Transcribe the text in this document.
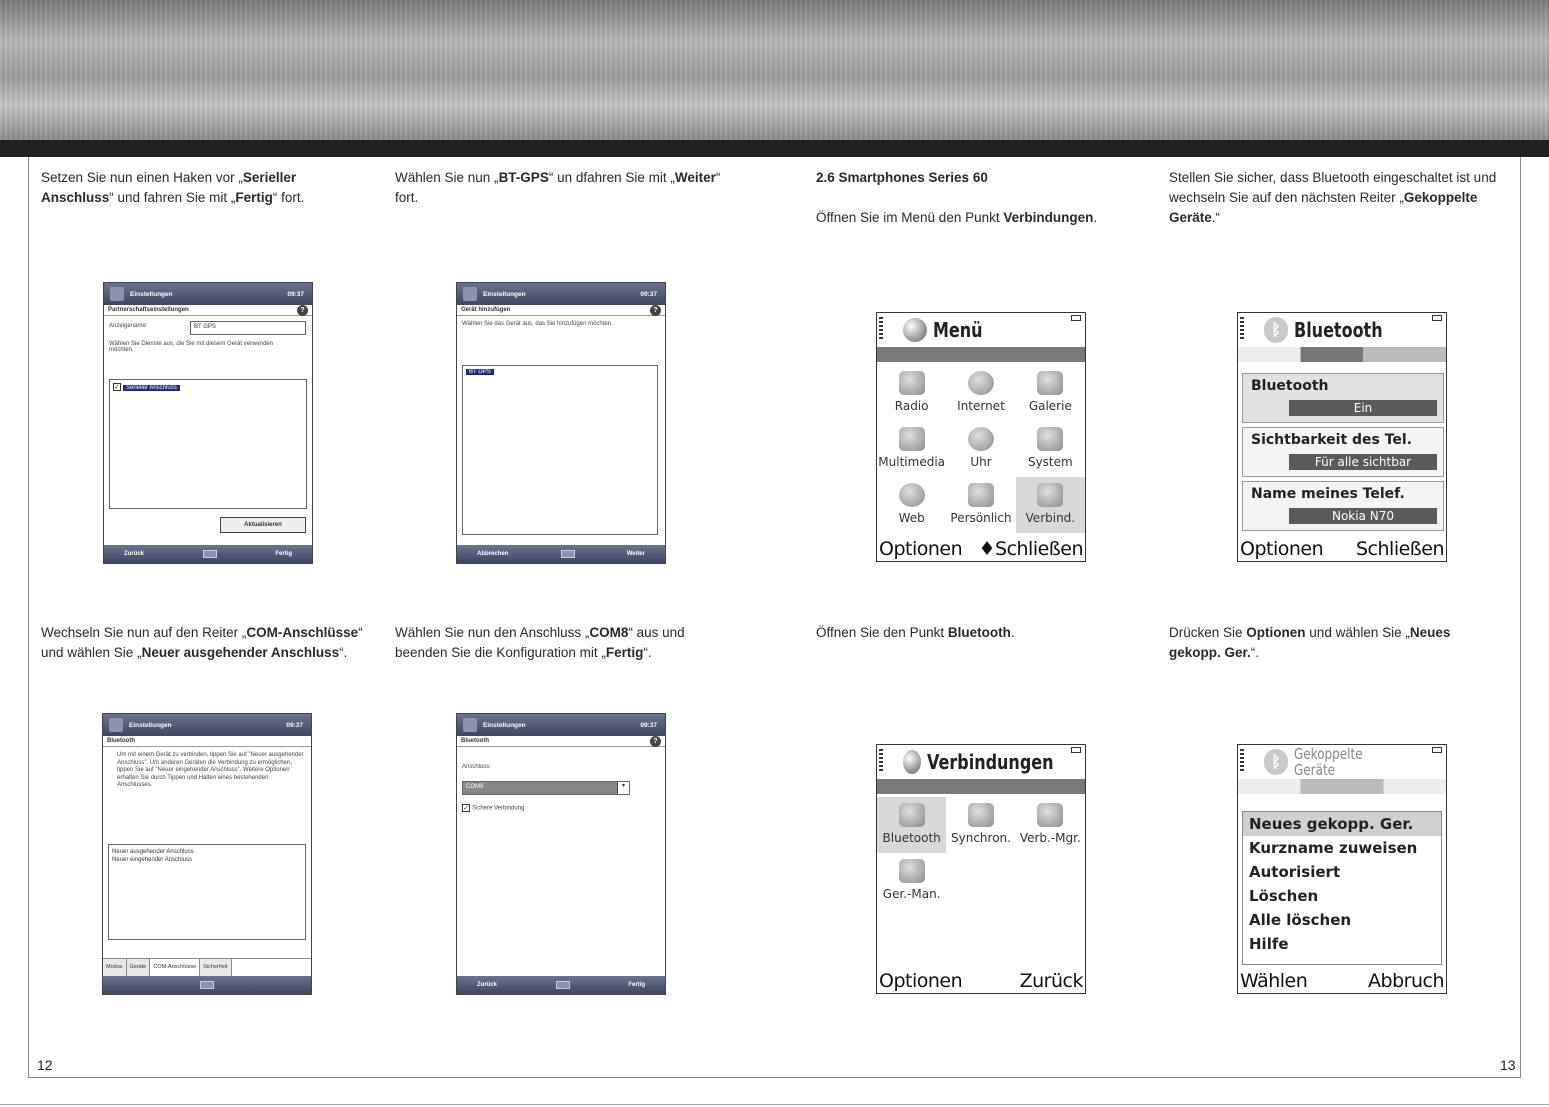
Setzen Sie nun einen Haken vor „Serieller Anschluss“ und fahren Sie mit „Fertig“ fort.
Wählen Sie nun „BT-GPS“ un dfahren Sie mit „Weiter“ fort.
2.6 Smartphones Series 60

Öffnen Sie im Menü den Punkt Verbindungen.
Stellen Sie sicher, dass Bluetooth eingeschaltet ist und wechseln Sie auf den nächsten Reiter „Gekoppelte Geräte.“
Wechseln Sie nun auf den Reiter „COM-Anschlüsse“ und wählen Sie „Neuer ausgehender Anschluss“.
Wählen Sie nun den Anschluss „COM8“ aus und beenden Sie die Konfiguration mit „Fertig“.
Öffnen Sie den Punkt Bluetooth.	Drücken Sie Optionen und wählen Sie „Neues gekopp. Ger.“.
Einstellungen	09:37
Partnerschaftseinstellungen	?
Anzeigename:	BT GPS
Wählen Sie Dienste aus, die Sie mit diesem Gerät verwenden möchten.
✓ Serieller Anschluss
Aktualisieren
Zurück	Fertig
Einstellungen	09:37
Gerät hinzufügen	?
Wählen Sie das Gerät aus, das Sie hinzufügen möchten.
BT GPS
Abbrechen	Weiter
Einstellungen	09:37
Bluetooth
Um mit einem Gerät zu verbinden, tippen Sie auf "Neuer ausgehender Anschluss". Um anderen Geräten die Verbindung zu ermöglichen, tippen Sie auf "Neuer eingehender Anschluss". Weitere Optionen erhalten Sie durch Tippen und Halten eines bestehenden Anschlusses.
Neuer ausgehender Anschluss
Neuer eingehender Anschluss
Modus	Geräte	COM-Anschlüsse	Sicherheit
Einstellungen	09:37
Bluetooth	?
Anschluss:
COM8	▾
✓ Sichere Verbindung
Zurück	Fertig
Menü
Radio	Internet	Galerie
Multimedia	Uhr	System
Web	Persönlich	Verbind.
Optionen ♦Schließen
ᛒ Bluetooth
Bluetooth
Ein
Sichtbarkeit des Tel.
Für alle sichtbar
Name meines Telef.
Nokia N70
Optionen Schließen
Verbindungen
Bluetooth Synchron. Verb.-Mgr.
Ger.-Man.
Optionen	Zurück
ᛒ Gekoppelte Geräte
Neues gekopp. Ger.
Kurzname zuweisen
Autorisiert
Löschen
Alle löschen
Hilfe
Wählen	Abbruch
12	13
